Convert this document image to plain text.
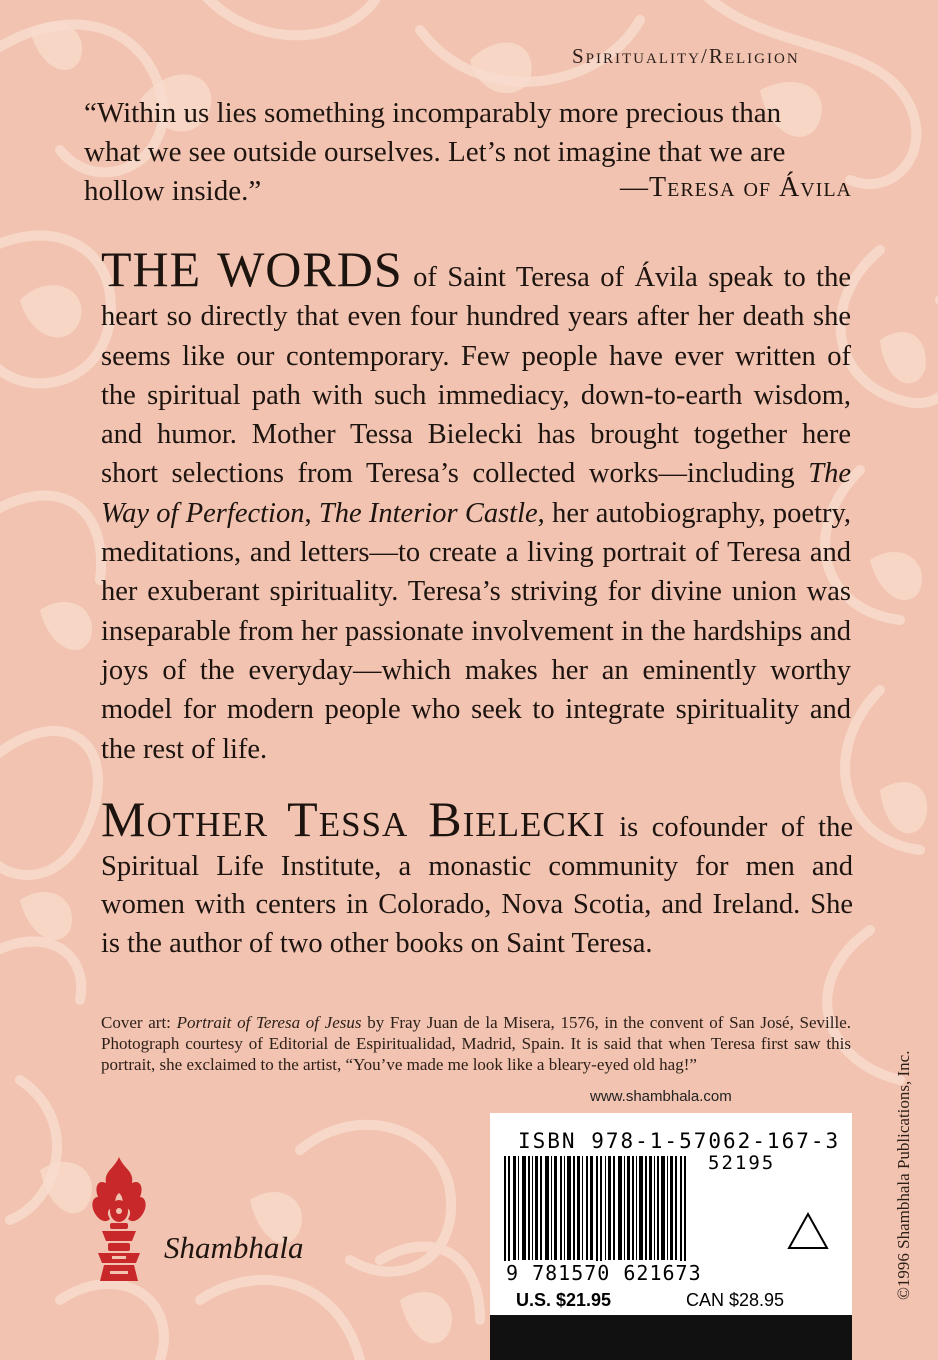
Spirituality/Religion
“Within us lies something incomparably more precious than what we see outside ourselves. Let’s not imagine that we are hollow inside.”	—Teresa of Ávila
THE WORDS of Saint Teresa of Ávila speak to the heart so directly that even four hundred years after her death she seems like our contemporary. Few people have ever written of the spiritual path with such immediacy, down-to-earth wisdom, and humor. Mother Tessa Bielecki has brought together here short selections from Teresa’s collected works—including The Way of Perfection, The Interior Castle, her autobiography, poetry, meditations, and letters—to create a living portrait of Teresa and her exuberant spirituality. Teresa’s striving for divine union was inseparable from her passionate involvement in the hardships and joys of the everyday—which makes her an eminently worthy model for modern people who seek to integrate spirituality and the rest of life.
Mother Tessa Bielecki is cofounder of the Spiritual Life Institute, a monastic community for men and women with centers in Colorado, Nova Scotia, and Ireland. She is the author of two other books on Saint Teresa.
Cover art: Portrait of Teresa of Jesus by Fray Juan de la Misera, 1576, in the convent of San José, Seville. Photograph courtesy of Editorial de Espiritualidad, Madrid, Spain. It is said that when Teresa first saw this portrait, she exclaimed to the artist, “You’ve made me look like a bleary-eyed old hag!”	©1996 Shambhala Publications, Inc.
www.shambhala.com
ISBN 978-1-57062-167-3
52195
9 781570 621673
U.S. $21.95	CAN $28.95
Shambhala
